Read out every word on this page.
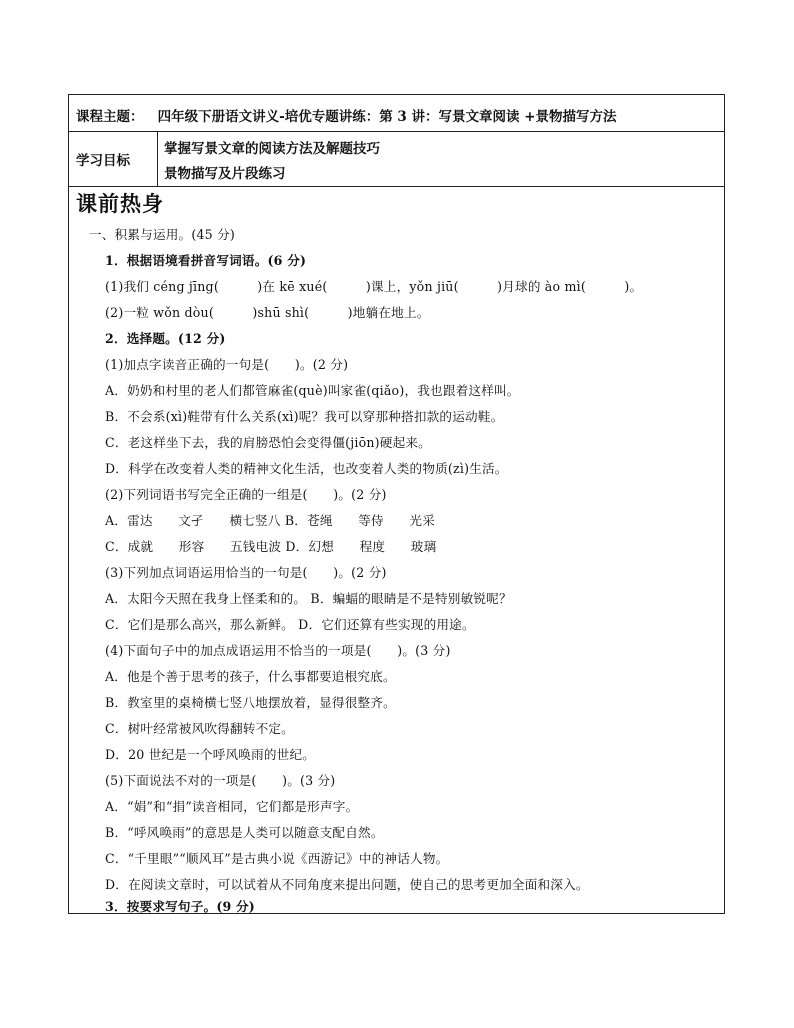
课程主题： 四年级下册语文讲义-培优专题讲练：第 3 讲：写景文章阅读 +景物描写方法
学习目标
掌握写景文章的阅读方法及解题技巧
景物描写及片段练习
课前热身
一、积累与运用。(45 分)
1．根据语境看拼音写词语。(6 分)
(1)我们 céng jīng(　　　)在 kē xué(　　　)课上，yǒn jiū(　　　)月球的 ào mì(　　　)。
(2)一粒 wǒn dòu(　　　)shū shì(　　　)地躺在地上。
2．选择题。(12 分)
(1)加点字读音正确的一句是(　　)。(2 分)
A．奶奶和村里的老人们都管麻雀(què)叫家雀(qiǎo)，我也跟着这样叫。
B．不会系(xì)鞋带有什么关系(xì)呢？我可以穿那种搭扣款的运动鞋。
C．老这样坐下去，我的肩膀恐怕会变得僵(jiōn)硬起来。
D．科学在改变着人类的精神文化生活，也改变着人类的物质(zì)生活。
(2)下列词语书写完全正确的一组是(　　)。(2 分)
A．雷达　　文孑　　横七竖八 B．苍绳　　等侍　　光采
C．成就　　形容　　五钱电波 D．幻想　　程度　　玻璃
(3)下列加点词语运用恰当的一句是(　　)。(2 分)
A．太阳今天照在我身上怪柔和的。 B．蝙蝠的眼睛是不是特别敏锐呢？
C．它们是那么高兴，那么新鲜。 D．它们还算有些实现的用途。
(4)下面句子中的加点成语运用不恰当的一项是(　　)。(3 分)
A．他是个善于思考的孩子，什么事都要追根究底。
B．教室里的桌椅横七竖八地摆放着，显得很整齐。
C．树叶经常被风吹得翻转不定。
D．20 世纪是一个呼风唤雨的世纪。
(5)下面说法不对的一项是(　　)。(3 分)
A．“娟”和“捐”读音相同，它们都是形声字。
B．“呼风唤雨”的意思是人类可以随意支配自然。
C．“千里眼”“顺风耳”是古典小说《西游记》中的神话人物。
D．在阅读文章时，可以试着从不同角度来提出问题，使自己的思考更加全面和深入。
3．按要求写句子。(9 分)
